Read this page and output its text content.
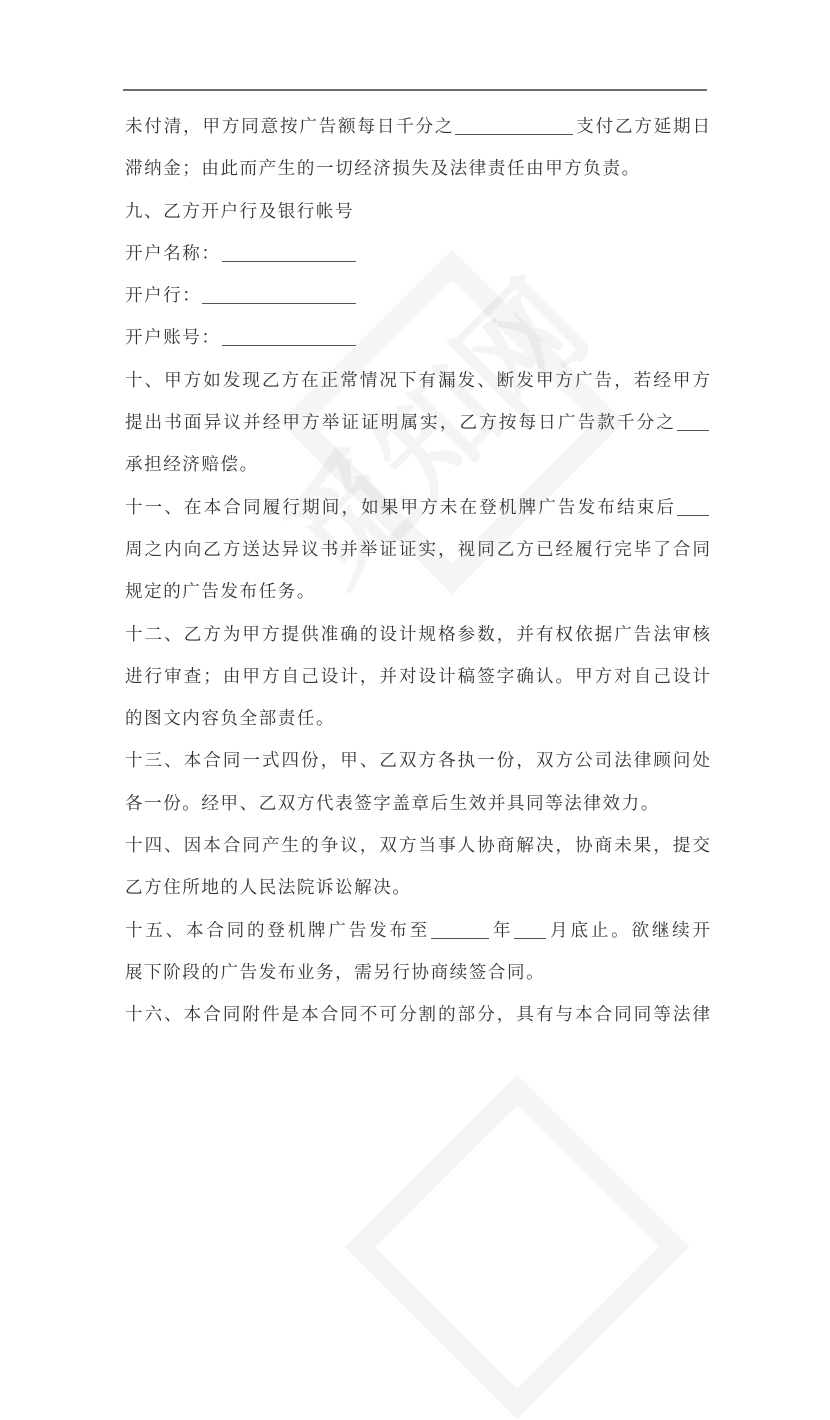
未付清，甲方同意按广告额每日千分之	支付乙方延期日
滞纳金；由此而产生的一切经济损失及法律责任由甲方负责。
九、乙方开户行及银行帐号
开户名称：
开户行：
开户账号：
十、甲方如发现乙方在正常情况下有漏发、断发甲方广告，若经甲方
提出书面异议并经甲方举证证明属实，乙方按每日广告款千分之
承担经济赔偿。
十一、在本合同履行期间，如果甲方未在登机牌广告发布结束后
周之内向乙方送达异议书并举证证实，视同乙方已经履行完毕了合同
规定的广告发布任务。
十二、乙方为甲方提供准确的设计规格参数，并有权依据广告法审核
进行审查；由甲方自己设计，并对设计稿签字确认。甲方对自己设计
的图文内容负全部责任。
十三、本合同一式四份，甲、乙双方各执一份，双方公司法律顾问处
各一份。经甲、乙双方代表签字盖章后生效并具同等法律效力。
十四、因本合同产生的争议，双方当事人协商解决，协商未果，提交
乙方住所地的人民法院诉讼解决。
十五、本合同的登机牌广告发布至	年 月底止。欲继续开
展下阶段的广告发布业务，需另行协商续签合同。
十六、本合同附件是本合同不可分割的部分，具有与本合同同等法律
